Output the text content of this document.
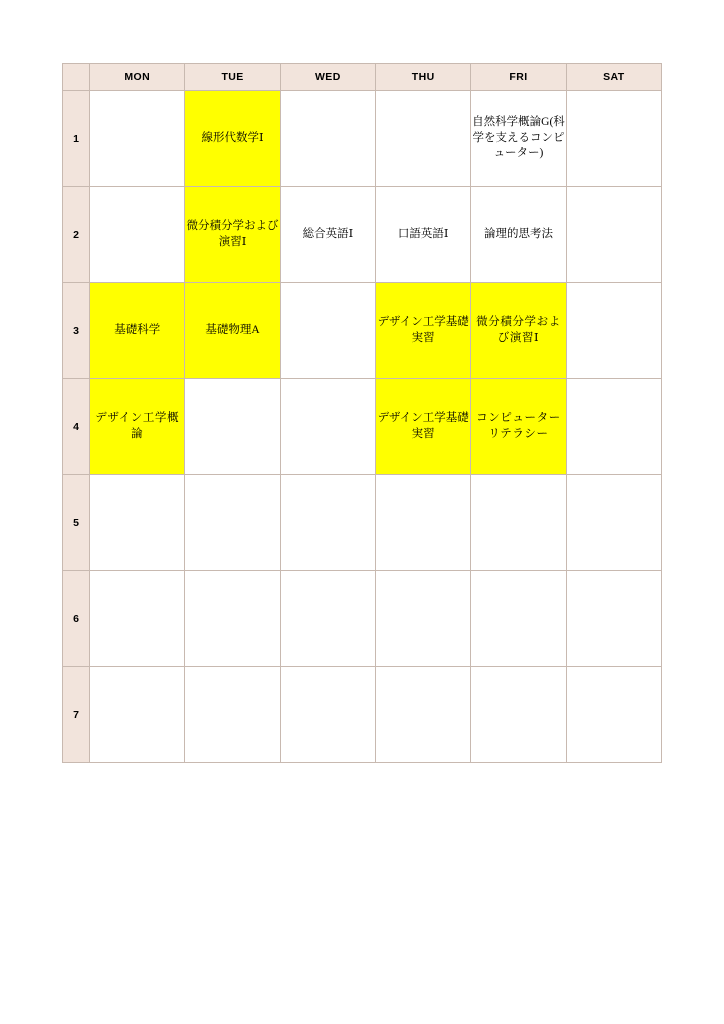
	MON	TUE	WED	THU	FRI	SAT
1		線形代数学Ⅰ			自然科学概論G(科学を支えるコンピューター)	

2		微分積分学および演習Ⅰ	総合英語Ⅰ	口語英語Ⅰ	論理的思考法	

3	基礎科学	基礎物理A		デザイン工学基礎実習	微分積分学および演習Ⅰ	

4	デザイン工学概論			デザイン工学基礎実習	コンピューターリテラシー	

5	

6	

7	
